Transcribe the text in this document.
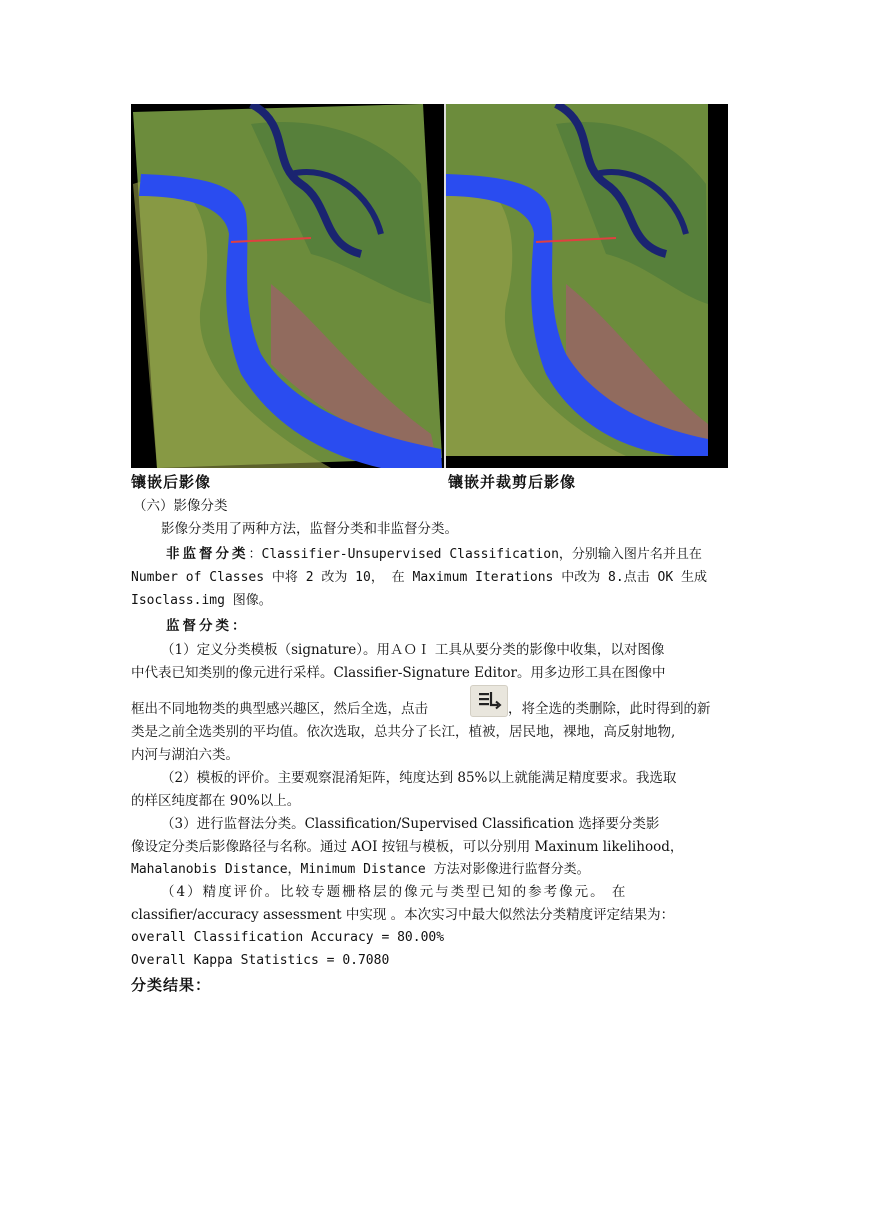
镶嵌后影像	镶嵌并裁剪后影像
（六）影像分类
影像分类用了两种方法，监督分类和非监督分类。
非监督分类：Classifier-Unsupervised Classification，分别输入图片名并且在
Number of Classes 中将 2 改为 10， 在 Maximum Iterations 中改为 8.点击 OK 生成
Isoclass.img 图像。
监督分类：
（1）定义分类模板（signature）。用ＡＯＩ 工具从要分类的影像中收集，以对图像
中代表已知类别的像元进行采样。Classifier-Signature Editor。用多边形工具在图像中
框出不同地物类的典型感兴趣区，然后全选，点击	，将全选的类删除，此时得到的新
类是之前全选类别的平均值。依次选取，总共分了长江，植被，居民地，裸地，高反射地物,
内河与湖泊六类。
（2）模板的评价。主要观察混淆矩阵，纯度达到 85%以上就能满足精度要求。我选取
的样区纯度都在 90%以上。
（3）进行监督法分类。Classification/Supervised Classification 选择要分类影
像设定分类后影像路径与名称。通过 AOI 按钮与模板，可以分别用 Maxinum likelihood，
Mahalanobis Distance，Minimum Distance 方法对影像进行监督分类。
（4）精度评价。比较专题栅格层的像元与类型已知的参考像元。 在
classifier/accuracy assessment 中实现 。本次实习中最大似然法分类精度评定结果为：
overall Classification Accuracy = 80.00%
Overall Kappa Statistics = 0.7080
分类结果：
